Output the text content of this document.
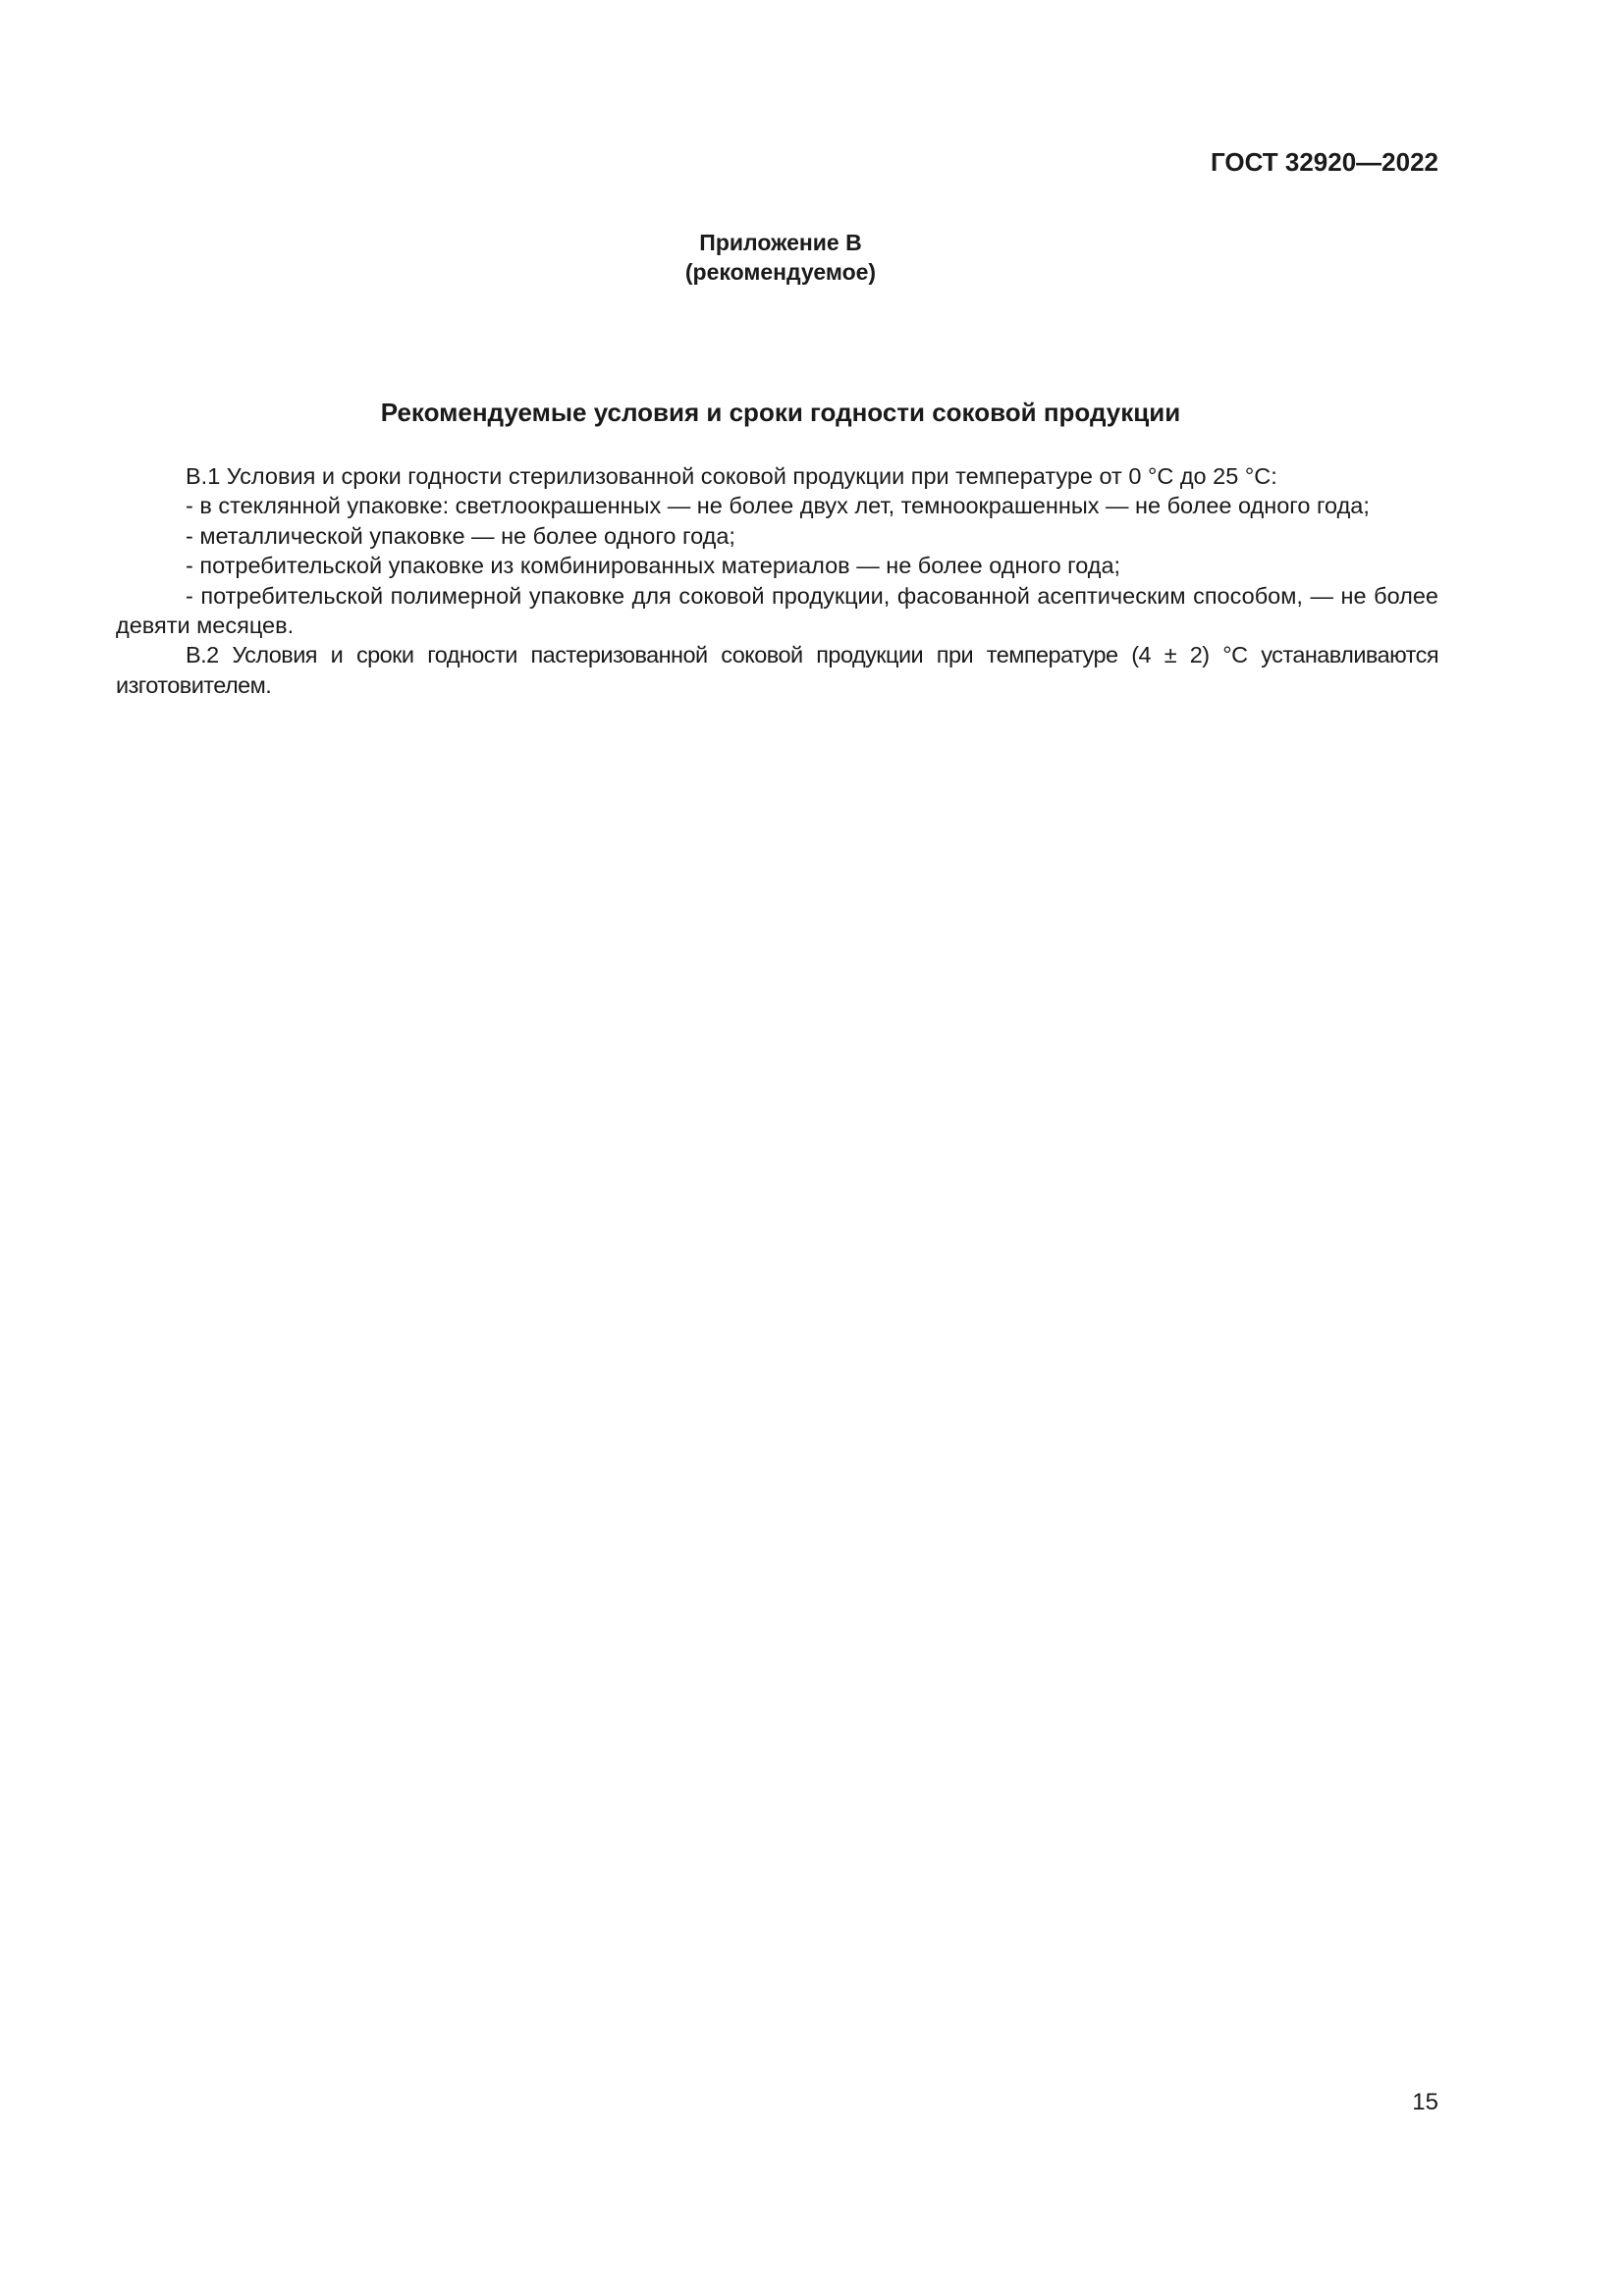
ГОСТ 32920—2022
Приложение В
(рекомендуемое)
Рекомендуемые условия и сроки годности соковой продукции

В.1 Условия и сроки годности стерилизованной соковой продукции при температуре от 0 °С до 25 °С:

- в стеклянной упаковке: светлоокрашенных — не более двух лет, темноокрашенных — не более одного года;

- металлической упаковке — не более одного года;

- потребительской упаковке из комбинированных материалов — не более одного года;

- потребительской полимерной упаковке для соковой продукции, фасованной асептическим способом, — не более девяти месяцев.

В.2 Условия и сроки годности пастеризованной соковой продукции при температуре (4 ± 2) °С устанавливаются изготовителем.

15
